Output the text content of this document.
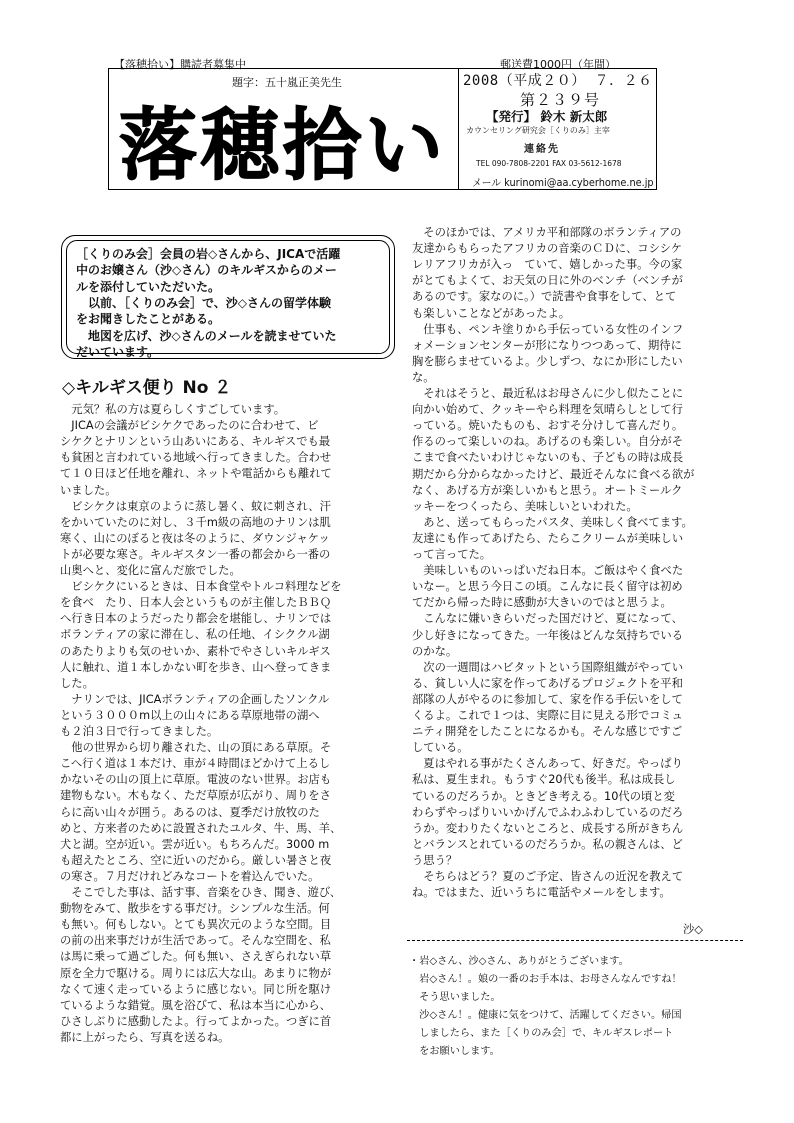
【落穂拾い】購読者募集中	郵送費1000円（年間）
題字：五十嵐正美先生
落穂拾い
2008（平成２０） ７．２６
第２３９号
【発行】 鈴木 新太郎
カウンセリング研究会［くりのみ］主宰
連絡先
TEL 090-7808-2201 FAX 03-5612-1678
メール kurinomi@aa.cyberhome.ne.jp
［くりのみ会］会員の岩◇さんから、JICAで活躍
中のお嬢さん（沙◇さん）のキルギスからのメー
ルを添付していただいた。
　以前、［くりのみ会］で、沙◇さんの留学体験
をお聞きしたことがある。
　地図を広げ、沙◇さんのメールを読ませていた
だいています。
◇キルギス便り No ２
　元気？私の方は夏らしくすごしています。
　JICAの会議がビシケクであったのに合わせて、ビ
シケクとナリンという山あいにある、キルギスでも最
も貧困と言われている地域へ行ってきました。合わせ
て１０日ほど任地を離れ、ネットや電話からも離れて
いました。
　ビシケクは東京のように蒸し暑く、蚊に刺され、汗
をかいていたのに対し、３千m級の高地のナリンは肌
寒く、山にのぼると夜は冬のように、ダウンジャケッ
トが必要な寒さ。キルギスタン一番の都会から一番の
山奥へと、変化に富んだ旅でした。
　ビシケクにいるときは、日本食堂やトルコ料理などを
を食べ　たり、日本人会というものが主催したＢＢＱ
へ行き日本のようだったり都会を堪能し、ナリンでは
ボランティアの家に滞在し、私の任地、イシククル湖
のあたりよりも気のせいか、素朴でやさしいキルギス
人に触れ、道１本しかない町を歩き、山へ登ってきま
した。
　ナリンでは、JICAボランティアの企画したソンクル
という３０００m以上の山々にある草原地帯の湖へ
も２泊３日で行ってきました。
　他の世界から切り離された、山の頂にある草原。そ
こへ行く道は１本だけ、車が４時間ほどかけて上るし
かないその山の頂上に草原。電波のない世界。お店も
建物もない。木もなく、ただ草原が広がり、周りをさ
らに高い山々が囲う。あるのは、夏季だけ放牧のた
めと、方来者のために設置されたユルタ、牛、馬、羊、
犬と湖。空が近い。雲が近い。もちろんだ。3000 m
も超えたところ、空に近いのだから。厳しい暑さと夜
の寒さ。７月だけれどみなコートを着込んでいた。
　そこでした事は、話す事、音楽をひき、聞き、遊び、
動物をみて、散歩をする事だけ。シンプルな生活。何
も無い。何もしない。とても異次元のような空間。目
の前の出来事だけが生活であって。そんな空間を、私
は馬に乗って過ごした。何も無い、さえぎられない草
原を全力で駆ける。周りには広大な山。あまりに物が
なくて速く走っているように感じない。同じ所を駆け
ているような錯覚。風を浴びて、私は本当に心から、
ひさしぶりに感動したよ。行ってよかった。つぎに首
都に上がったら、写真を送るね。
　そのほかでは、アメリカ平和部隊のボランティアの
友達からもらったアフリカの音楽のＣＤに、コシシケ
レリアフリカが入っ　ていて、嬉しかった事。今の家
がとてもよくて、お天気の日に外のベンチ（ベンチが
あるのです。家なのに。）で読書や食事をして、とて
も楽しいことなどがあったよ。
　仕事も、ペンキ塗りから手伝っている女性のインフ
ォメーションセンターが形になりつつあって、期待に
胸を膨らませているよ。少しずつ、なにか形にしたい
な。
　それはそうと、最近私はお母さんに少し似たことに
向かい始めて、クッキーやら料理を気晴らしとして行
っている。焼いたものも、おすそ分けして喜んだり。
作るのって楽しいのね。あげるのも楽しい。自分がそ
こまで食べたいわけじゃないのも、子どもの時は成長
期だから分からなかったけど、最近そんなに食べる欲が
なく、あげる方が楽しいかもと思う。オートミールク
ッキーをつくったら、美味しいといわれた。
　あと、送ってもらったパスタ、美味しく食べてます。
友達にも作ってあげたら、たらこクリームが美味しい
って言ってた。
　美味しいものいっぱいだね日本。ご飯はやく食べた
いなー。と思う今日この頃。こんなに長く留守は初め
てだから帰った時に感動が大きいのではと思うよ。
　こんなに嫌いきらいだった国だけど、夏になって、
少し好きになってきた。一年後はどんな気持ちでいる
のかな。
　次の一週間はハビタットという国際組織がやってい
る、貧しい人に家を作ってあげるプロジェクトを平和
部隊の人がやるのに参加して、家を作る手伝いをして
くるよ。これで１つは、実際に目に見える形でコミュ
ニティ開発をしたことになるかも。そんな感じですご
している。
　夏はやれる事がたくさんあって、好きだ。やっぱり
私は、夏生まれ。もうすぐ20代も後半。私は成長し
ているのだろうか。ときどき考える。10代の頃と変
わらずやっぱりいいかげんでふわふわしているのだろ
うか。変わりたくないところと、成長する所がきちん
とバランスとれているのだろうか。私の親さんは、ど
う思う？
　そちらはどう？夏のご予定、皆さんの近況を教えて
ね。ではまた、近いうちに電話やメールをします。
沙◇
・岩◇さん、沙◇さん、ありがとうございます。
　岩◇さん！。娘の一番のお手本は、お母さんなんですね！
　そう思いました。
　沙◇さん！。健康に気をつけて、活躍してください。帰国
　しましたら、また［くりのみ会］で、キルギスレポート
　をお願いします。
